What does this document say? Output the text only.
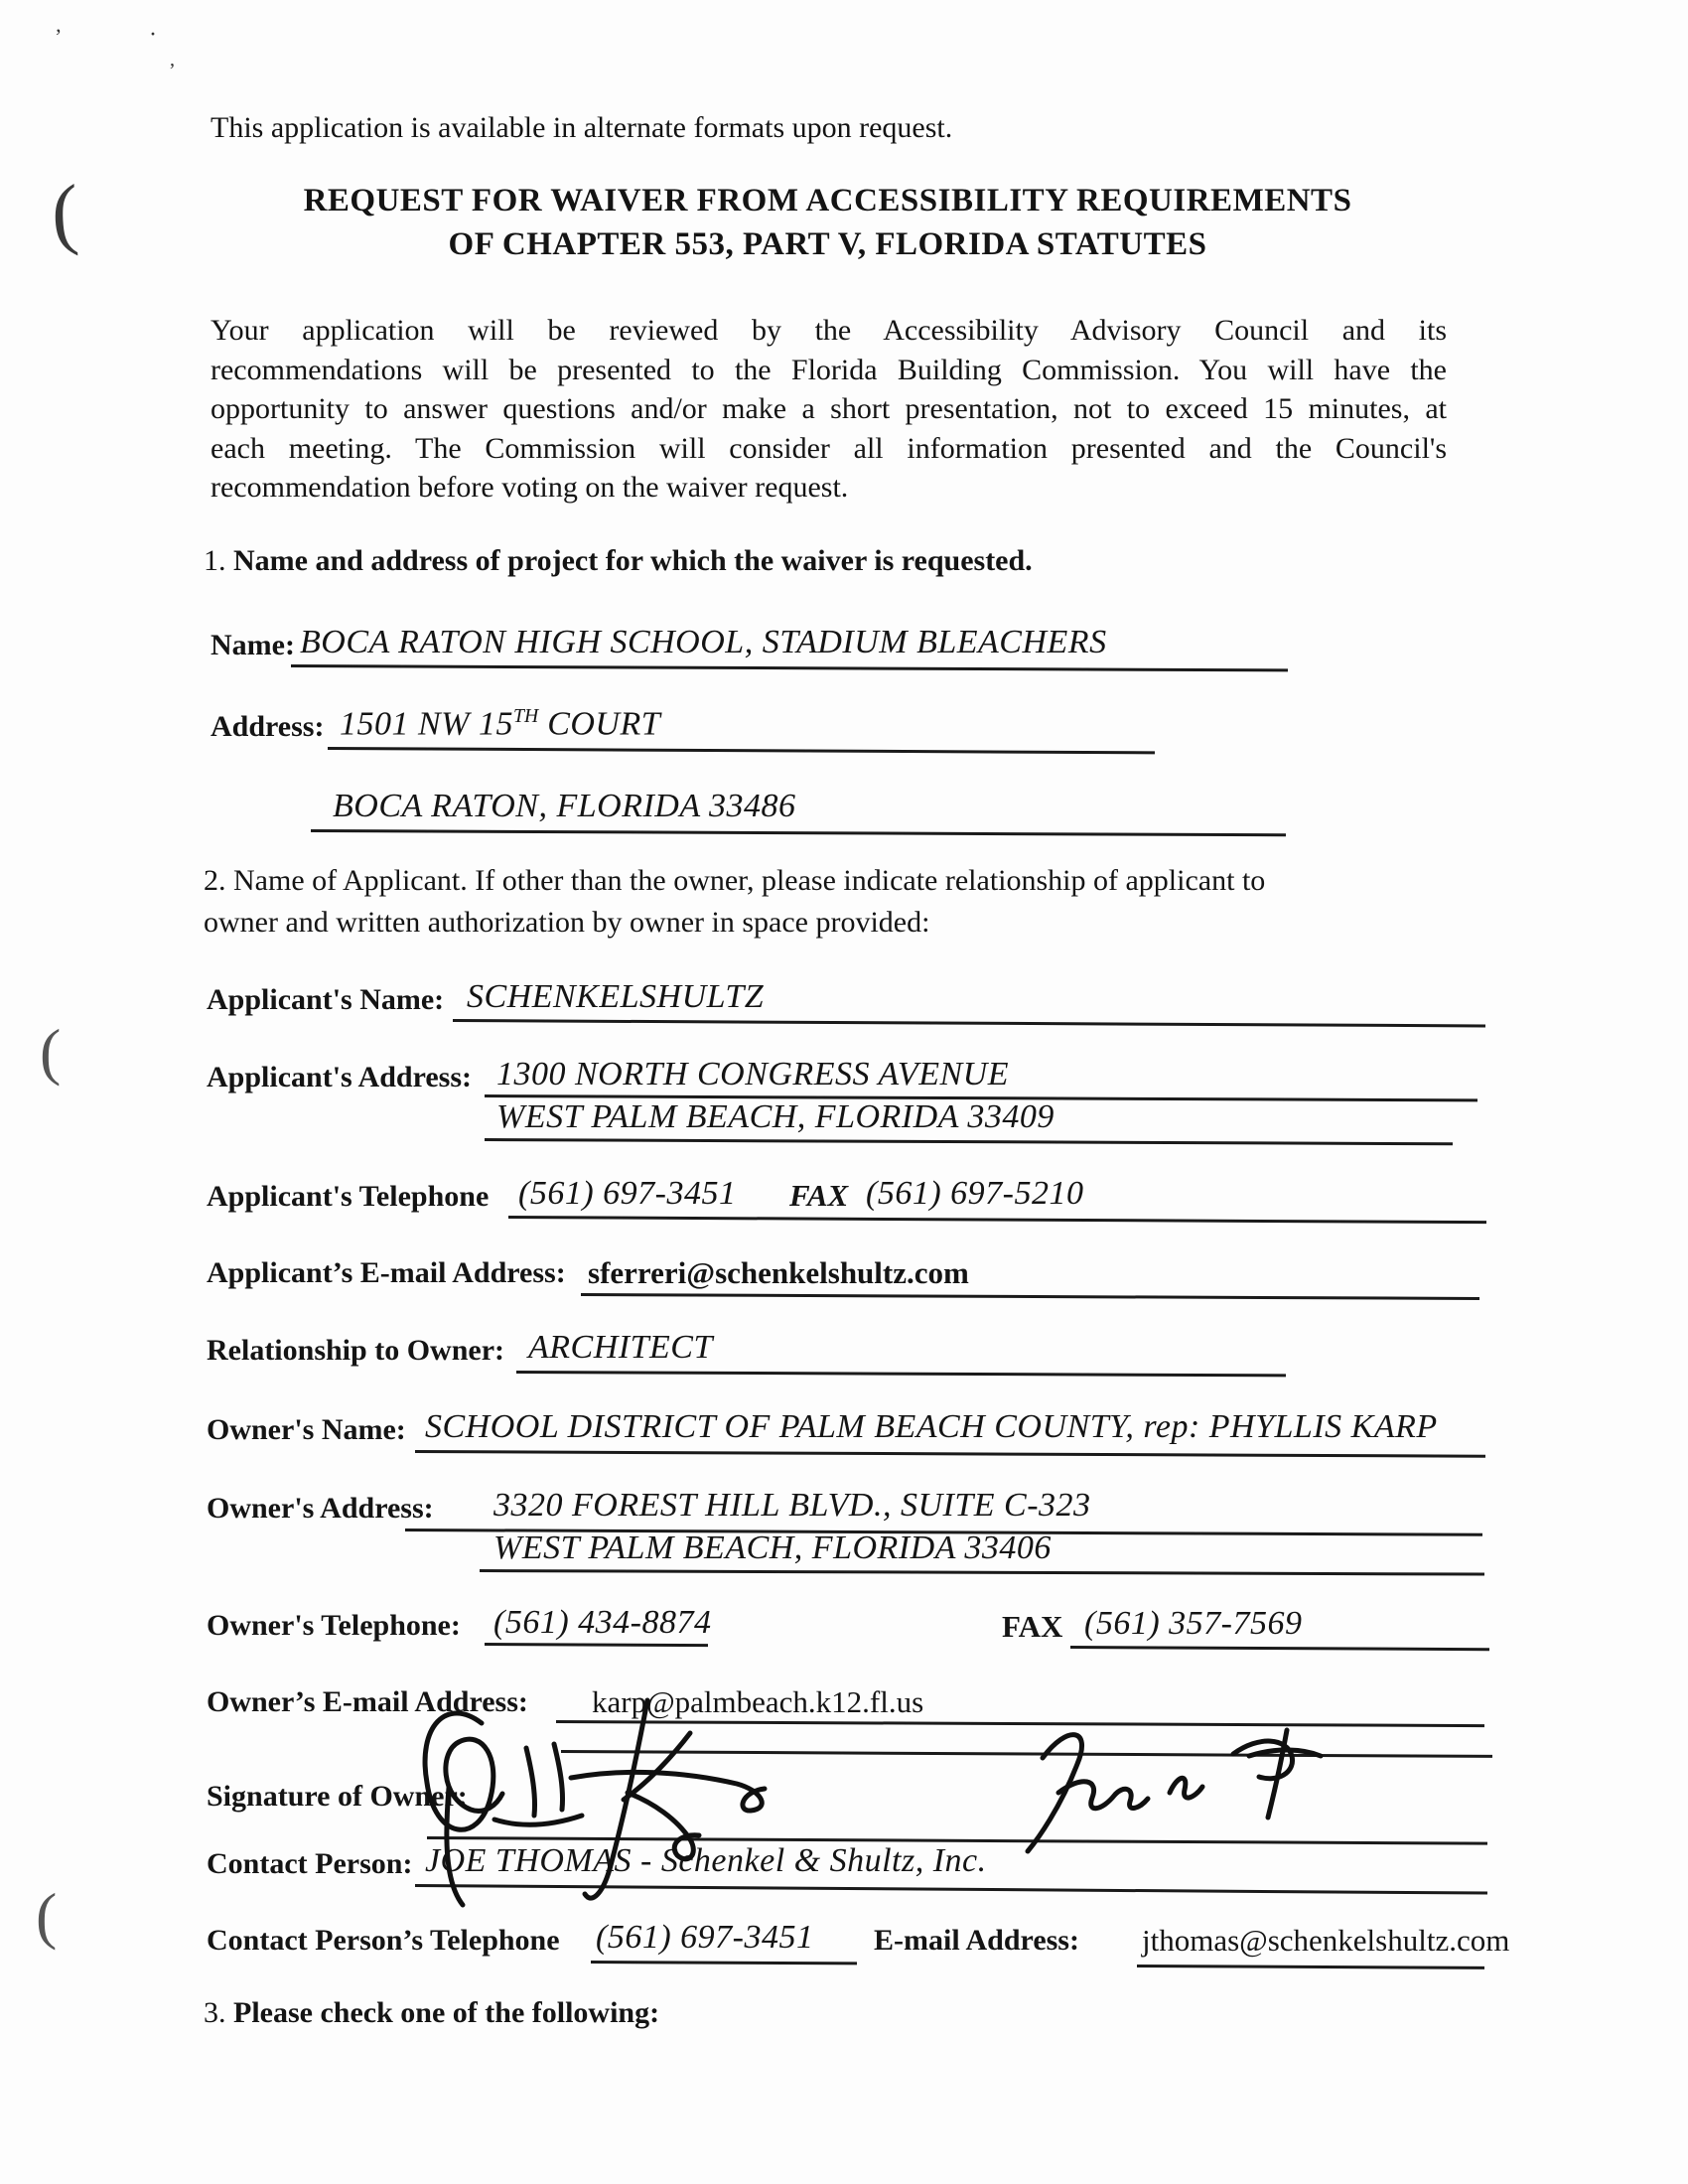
’	·
’
(
(
(
This application is available in alternate formats upon request.
REQUEST FOR WAIVER FROM ACCESSIBILITY REQUIREMENTS
OF CHAPTER 553, PART V, FLORIDA STATUTES
Your application will be reviewed by the Accessibility Advisory Council and its
recommendations will be presented to the Florida Building Commission. You will have the
opportunity to answer questions and/or make a short presentation, not to exceed 15 minutes, at
each meeting. The Commission will consider all information presented and the Council's
recommendation before voting on the waiver request.
1. Name and address of project for which the waiver is requested.
Name: BOCA RATON HIGH SCHOOL, STADIUM BLEACHERS
Address: 1501 NW 15TH COURT
BOCA RATON, FLORIDA 33486
2. Name of Applicant. If other than the owner, please indicate relationship of applicant to
owner and written authorization by owner in space provided:
Applicant's Name: SCHENKELSHULTZ
Applicant's Address: 1300 NORTH CONGRESS AVENUE
WEST PALM BEACH, FLORIDA 33409
Applicant's Telephone (561) 697-3451 FAX (561) 697-5210
Applicant’s E-mail Address: sferreri@schenkelshultz.com
Relationship to Owner: ARCHITECT
Owner's Name: SCHOOL DISTRICT OF PALM BEACH COUNTY, rep: PHYLLIS KARP
Owner's Address: 3320 FOREST HILL BLVD., SUITE C-323
WEST PALM BEACH, FLORIDA 33406
Owner's Telephone: (561) 434-8874	FAX (561) 357-7569
Owner’s E-mail Address: karp@palmbeach.k12.fl.us
Signature of Owner:
Contact Person: JOE THOMAS - Schenkel & Shultz, Inc.
Contact Person’s Telephone (561) 697-3451 E-mail Address: jthomas@schenkelshultz.com
3. Please check one of the following:
